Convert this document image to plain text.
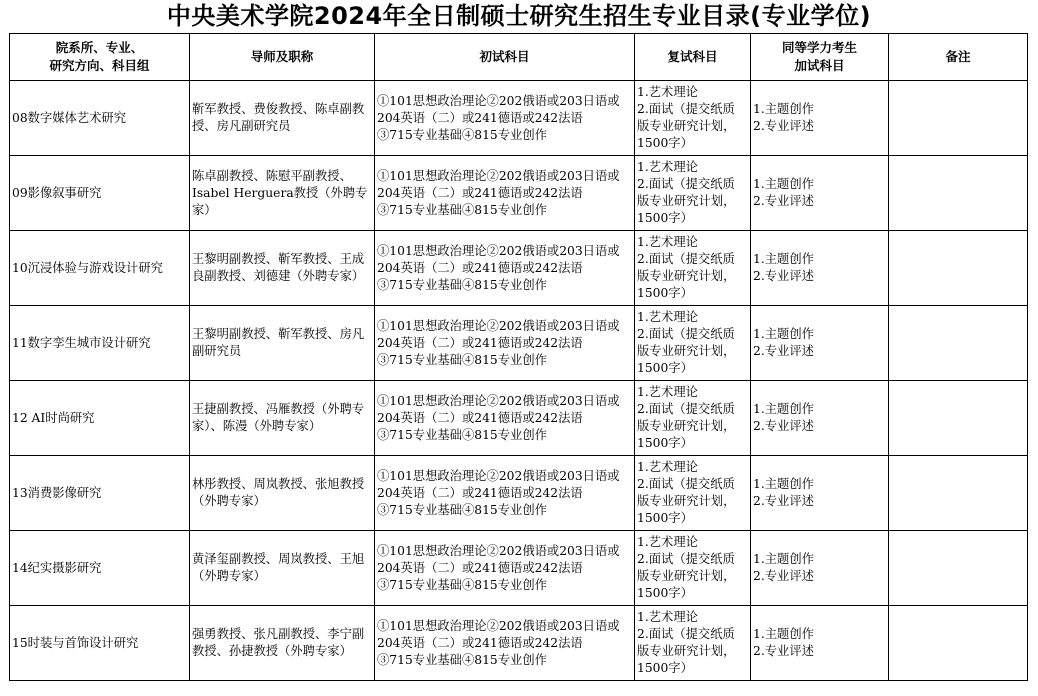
中央美术学院2024年全日制硕士研究生招生专业目录(专业学位)
院系所、专业、
研究方向、科目组	导师及职称	初试科目	复试科目	同等学力考生
加试科目	备注
08数字媒体艺术研究	靳军教授、费俊教授、陈卓副教授、房凡副研究员	①101思想政治理论②202俄语或203日语或
204英语（二）或241德语或242法语
③715专业基础④815专业创作	1.艺术理论
2.面试（提交纸质
版专业研究计划，
1500字）	1.主题创作
2.专业评述	

09影像叙事研究	陈卓副教授、陈慰平副教授、Isabel Herguera教授（外聘专家）	①101思想政治理论②202俄语或203日语或
204英语（二）或241德语或242法语
③715专业基础④815专业创作	1.艺术理论
2.面试（提交纸质
版专业研究计划，
1500字）	1.主题创作
2.专业评述	

10沉浸体验与游戏设计研究	王黎明副教授、靳军教授、王成良副教授、刘德建（外聘专家）	①101思想政治理论②202俄语或203日语或
204英语（二）或241德语或242法语
③715专业基础④815专业创作	1.艺术理论
2.面试（提交纸质
版专业研究计划，
1500字）	1.主题创作
2.专业评述	

11数字孪生城市设计研究	王黎明副教授、靳军教授、房凡副研究员	①101思想政治理论②202俄语或203日语或
204英语（二）或241德语或242法语
③715专业基础④815专业创作	1.艺术理论
2.面试（提交纸质
版专业研究计划，
1500字）	1.主题创作
2.专业评述	

12 AI时尚研究	王捷副教授、冯雁教授（外聘专家）、陈漫（外聘专家）	①101思想政治理论②202俄语或203日语或
204英语（二）或241德语或242法语
③715专业基础④815专业创作	1.艺术理论
2.面试（提交纸质
版专业研究计划，
1500字）	1.主题创作
2.专业评述	

13消费影像研究	林彤教授、周岚教授、张旭教授（外聘专家）	①101思想政治理论②202俄语或203日语或
204英语（二）或241德语或242法语
③715专业基础④815专业创作	1.艺术理论
2.面试（提交纸质
版专业研究计划，
1500字）	1.主题创作
2.专业评述	

14纪实摄影研究	黄泽玺副教授、周岚教授、王旭（外聘专家）	①101思想政治理论②202俄语或203日语或
204英语（二）或241德语或242法语
③715专业基础④815专业创作	1.艺术理论
2.面试（提交纸质
版专业研究计划，
1500字）	1.主题创作
2.专业评述	

15时装与首饰设计研究	强勇教授、张凡副教授、李宁副教授、孙捷教授（外聘专家）	①101思想政治理论②202俄语或203日语或
204英语（二）或241德语或242法语
③715专业基础④815专业创作	1.艺术理论
2.面试（提交纸质
版专业研究计划，
1500字）	1.主题创作
2.专业评述	
